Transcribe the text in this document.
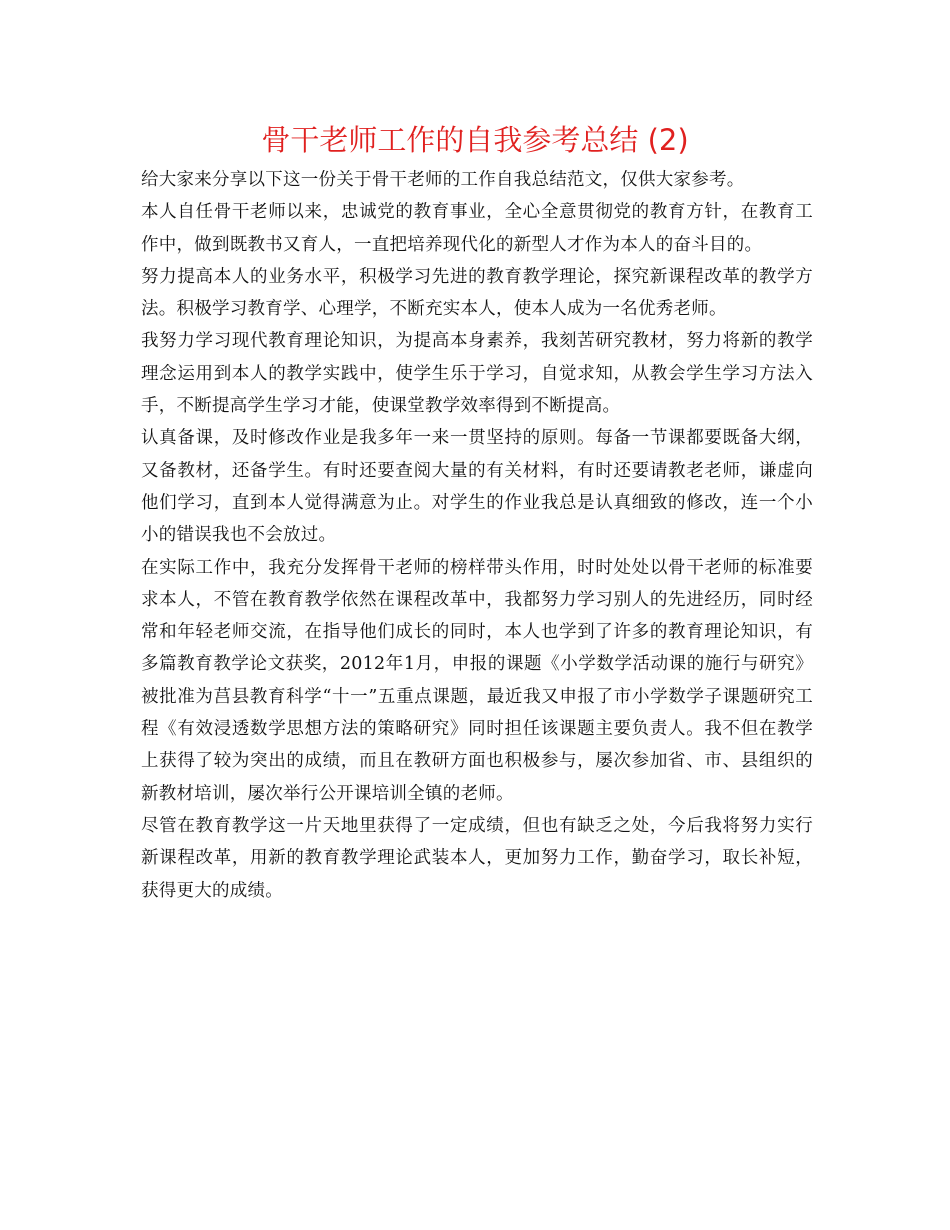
骨干老师工作的自我参考总结 (2)

给大家来分享以下这一份关于骨干老师的工作自我总结范文，仅供大家参考。

本人自任骨干老师以来，忠诚党的教育事业，全心全意贯彻党的教育方针，在教育工作中，做到既教书又育人，一直把培养现代化的新型人才作为本人的奋斗目的。

努力提高本人的业务水平，积极学习先进的教育教学理论，探究新课程改革的教学方法。积极学习教育学、心理学，不断充实本人，使本人成为一名优秀老师。

我努力学习现代教育理论知识，为提高本身素养，我刻苦研究教材，努力将新的教学理念运用到本人的教学实践中，使学生乐于学习，自觉求知，从教会学生学习方法入手，不断提高学生学习才能，使课堂教学效率得到不断提高。

认真备课，及时修改作业是我多年一来一贯坚持的原则。每备一节课都要既备大纲，又备教材，还备学生。有时还要查阅大量的有关材料，有时还要请教老老师，谦虚向他们学习，直到本人觉得满意为止。对学生的作业我总是认真细致的修改，连一个小小的错误我也不会放过。

在实际工作中，我充分发挥骨干老师的榜样带头作用，时时处处以骨干老师的标准要求本人，不管在教育教学依然在课程改革中，我都努力学习别人的先进经历，同时经常和年轻老师交流，在指导他们成长的同时，本人也学到了许多的教育理论知识，有多篇教育教学论文获奖，2012年1月，申报的课题《小学数学活动课的施行与研究》被批准为莒县教育科学“十一”五重点课题，最近我又申报了市小学数学子课题研究工程《有效浸透数学思想方法的策略研究》同时担任该课题主要负责人。我不但在教学上获得了较为突出的成绩，而且在教研方面也积极参与，屡次参加省、市、县组织的新教材培训，屡次举行公开课培训全镇的老师。

尽管在教育教学这一片天地里获得了一定成绩，但也有缺乏之处，今后我将努力实行新课程改革，用新的教育教学理论武装本人，更加努力工作，勤奋学习，取长补短，获得更大的成绩。
